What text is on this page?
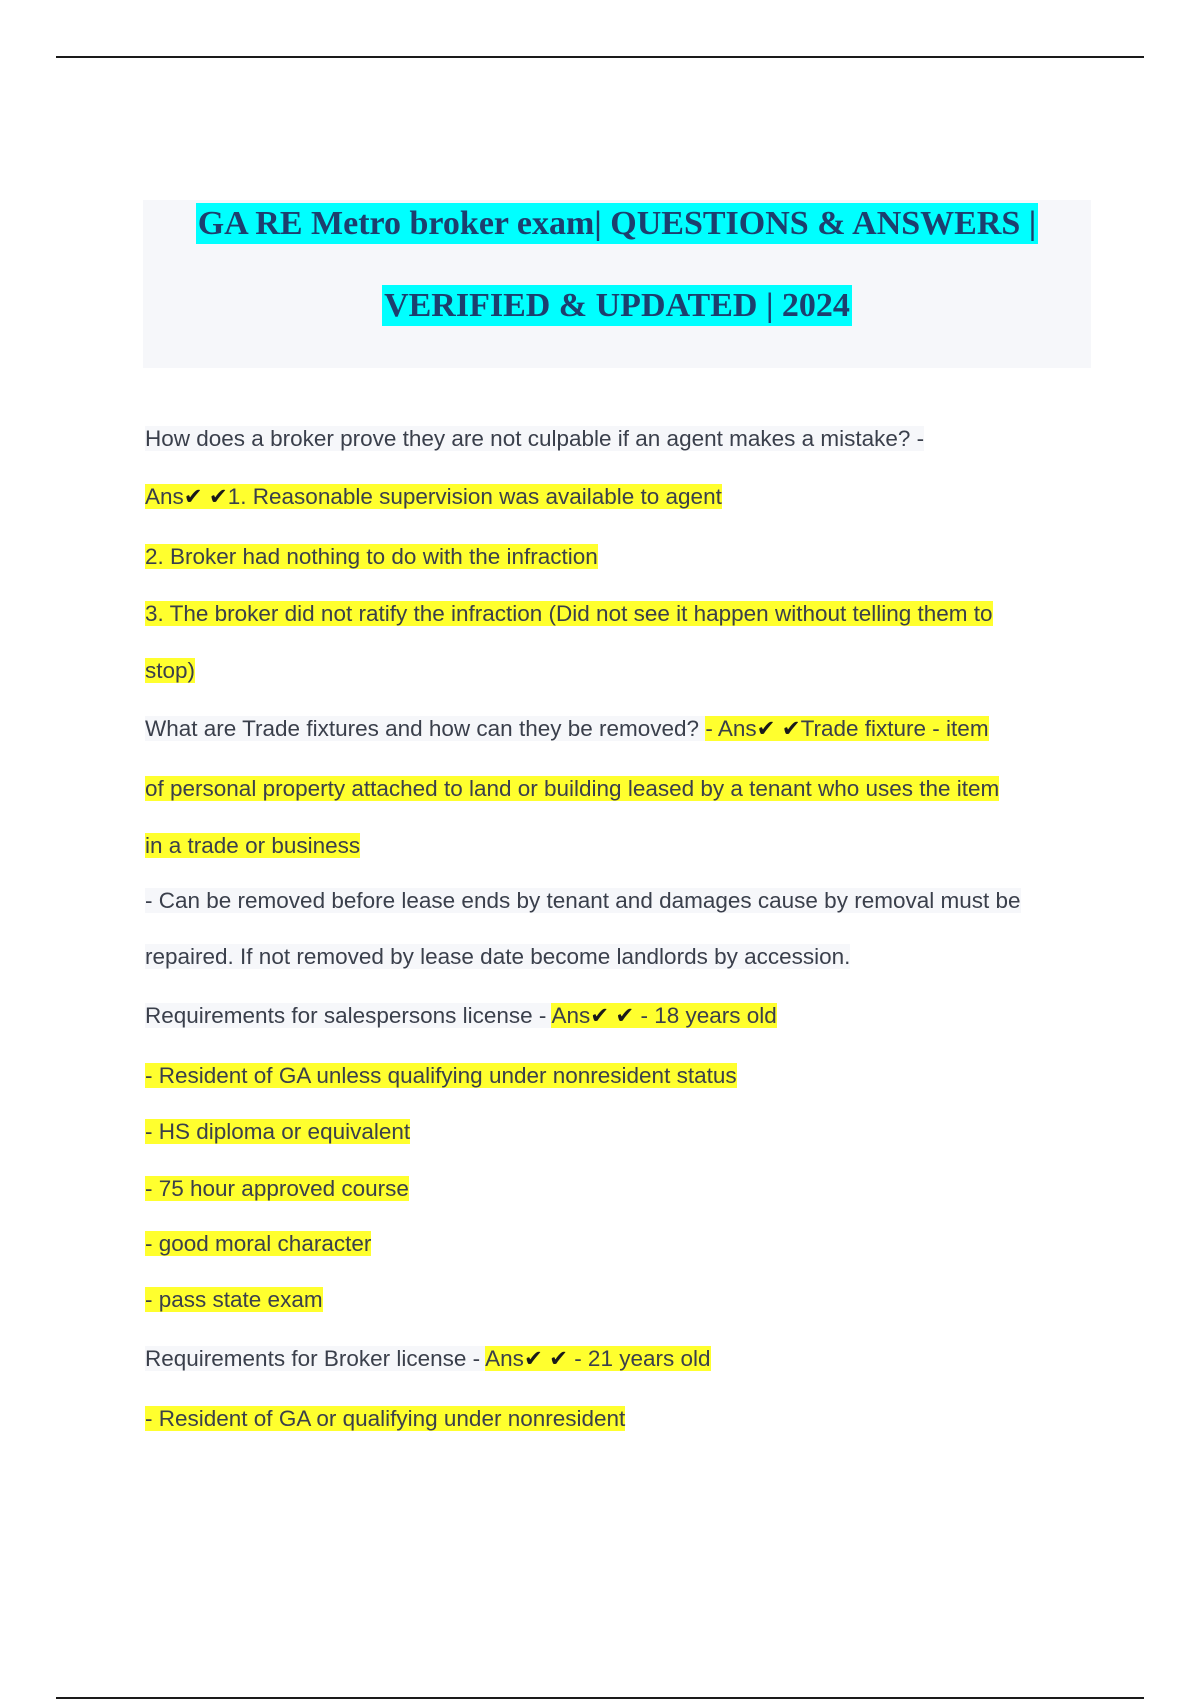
GA RE Metro broker exam| QUESTIONS & ANSWERS |
VERIFIED & UPDATED | 2024
How does a broker prove they are not culpable if an agent makes a mistake? -
Ans✔ ✔1. Reasonable supervision was available to agent
2. Broker had nothing to do with the infraction
3. The broker did not ratify the infraction (Did not see it happen without telling them to
stop)
What are Trade fixtures and how can they be removed? - Ans✔ ✔Trade fixture - item
of personal property attached to land or building leased by a tenant who uses the item
in a trade or business
- Can be removed before lease ends by tenant and damages cause by removal must be
repaired. If not removed by lease date become landlords by accession.
Requirements for salespersons license - Ans✔ ✔ - 18 years old
- Resident of GA unless qualifying under nonresident status
- HS diploma or equivalent
- 75 hour approved course
- good moral character
- pass state exam
Requirements for Broker license - Ans✔ ✔ - 21 years old
- Resident of GA or qualifying under nonresident
